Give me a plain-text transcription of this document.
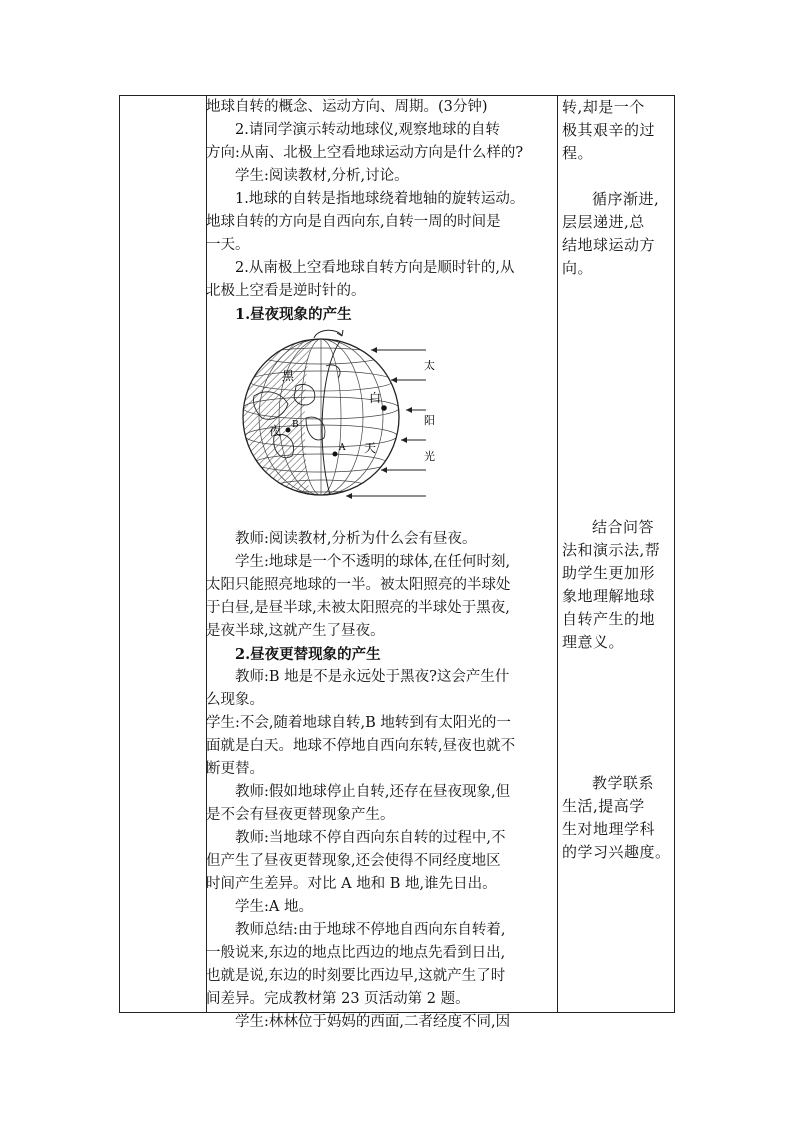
地球自转的概念、运动方向、周期。(3分钟)
2.请同学演示转动地球仪,观察地球的自转
方向:从南、北极上空看地球运动方向是什么样的?
学生:阅读教材,分析,讨论。
1.地球的自转是指地球绕着地轴的旋转运动。
地球自转的方向是自西向东,自转一周的时间是
一天。
2.从南极上空看地球自转方向是顺时针的,从
北极上空看是逆时针的。
1.昼夜现象的产生
黑
夜 B
白
天
A
太
阳
光
教师:阅读教材,分析为什么会有昼夜。
学生:地球是一个不透明的球体,在任何时刻,
太阳只能照亮地球的一半。被太阳照亮的半球处
于白昼,是昼半球,未被太阳照亮的半球处于黑夜,
是夜半球,这就产生了昼夜。
2.昼夜更替现象的产生
教师:B 地是不是永远处于黑夜?这会产生什
么现象。
学生:不会,随着地球自转,B 地转到有太阳光的一
面就是白天。地球不停地自西向东转,昼夜也就不
断更替。
教师:假如地球停止自转,还存在昼夜现象,但
是不会有昼夜更替现象产生。
教师:当地球不停自西向东自转的过程中,不
但产生了昼夜更替现象,还会使得不同经度地区
时间产生差异。对比 A 地和 B 地,谁先日出。
学生:A 地。
教师总结:由于地球不停地自西向东自转着,
一般说来,东边的地点比西边的地点先看到日出,
也就是说,东边的时刻要比西边早,这就产生了时
间差异。完成教材第 23 页活动第 2 题。
学生:林林位于妈妈的西面,二者经度不同,因
转,却是一个
极其艰辛的过
程。
循序渐进,
层层递进,总
结地球运动方
向。
结合问答
法和演示法,帮
助学生更加形
象地理解地球
自转产生的地
理意义。
教学联系
生活,提高学
生对地理学科
的学习兴趣度。
